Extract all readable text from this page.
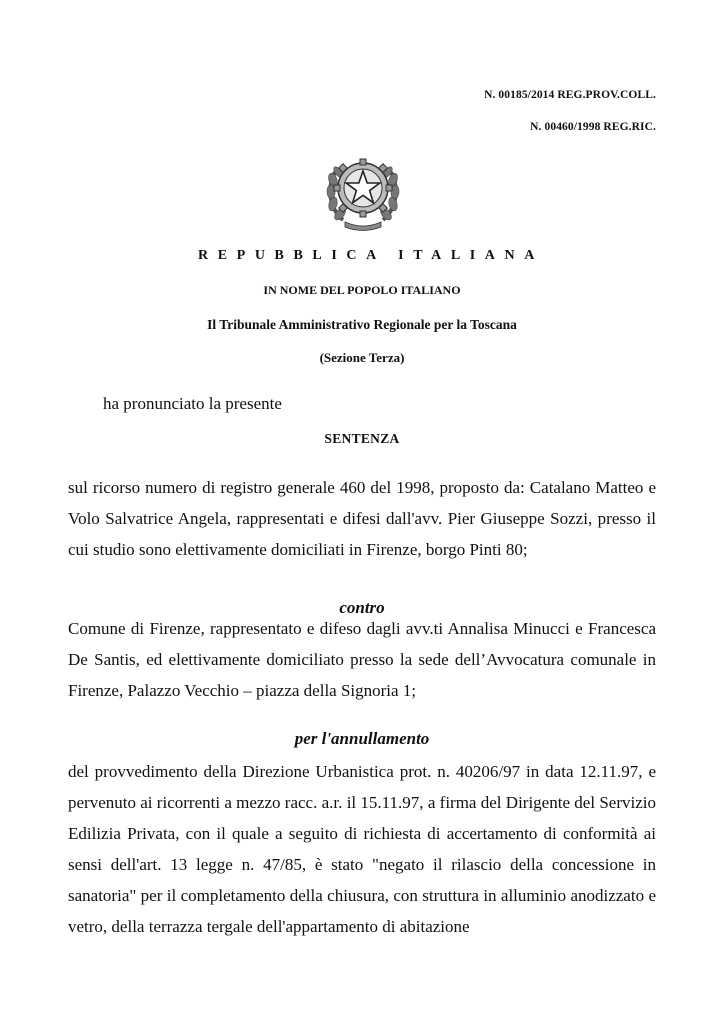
N. 00185/2014 REG.PROV.COLL.
N. 00460/1998 REG.RIC.
REPUBBLICA ITALIANA
IN NOME DEL POPOLO ITALIANO
Il Tribunale Amministrativo Regionale per la Toscana
(Sezione Terza)
ha pronunciato la presente
SENTENZA
sul ricorso numero di registro generale 460 del 1998, proposto da: Catalano Matteo e Volo Salvatrice Angela, rappresentati e difesi dall'avv. Pier Giuseppe Sozzi, presso il cui studio sono elettivamente domiciliati in Firenze, borgo Pinti 80;
contro
Comune di Firenze, rappresentato e difeso dagli avv.ti Annalisa Minucci e Francesca De Santis, ed elettivamente domiciliato presso la sede dell’Avvocatura comunale in Firenze, Palazzo Vecchio – piazza della Signoria 1;
per l'annullamento
del provvedimento della Direzione Urbanistica prot. n. 40206/97 in data 12.11.97, e pervenuto ai ricorrenti a mezzo racc. a.r. il 15.11.97, a firma del Dirigente del Servizio Edilizia Privata, con il quale a seguito di richiesta di accertamento di conformità ai sensi dell'art. 13 legge n. 47/85, è stato "negato il rilascio della concessione in sanatoria" per il completamento della chiusura, con struttura in alluminio anodizzato e vetro, della terrazza tergale dell'appartamento di abitazione
